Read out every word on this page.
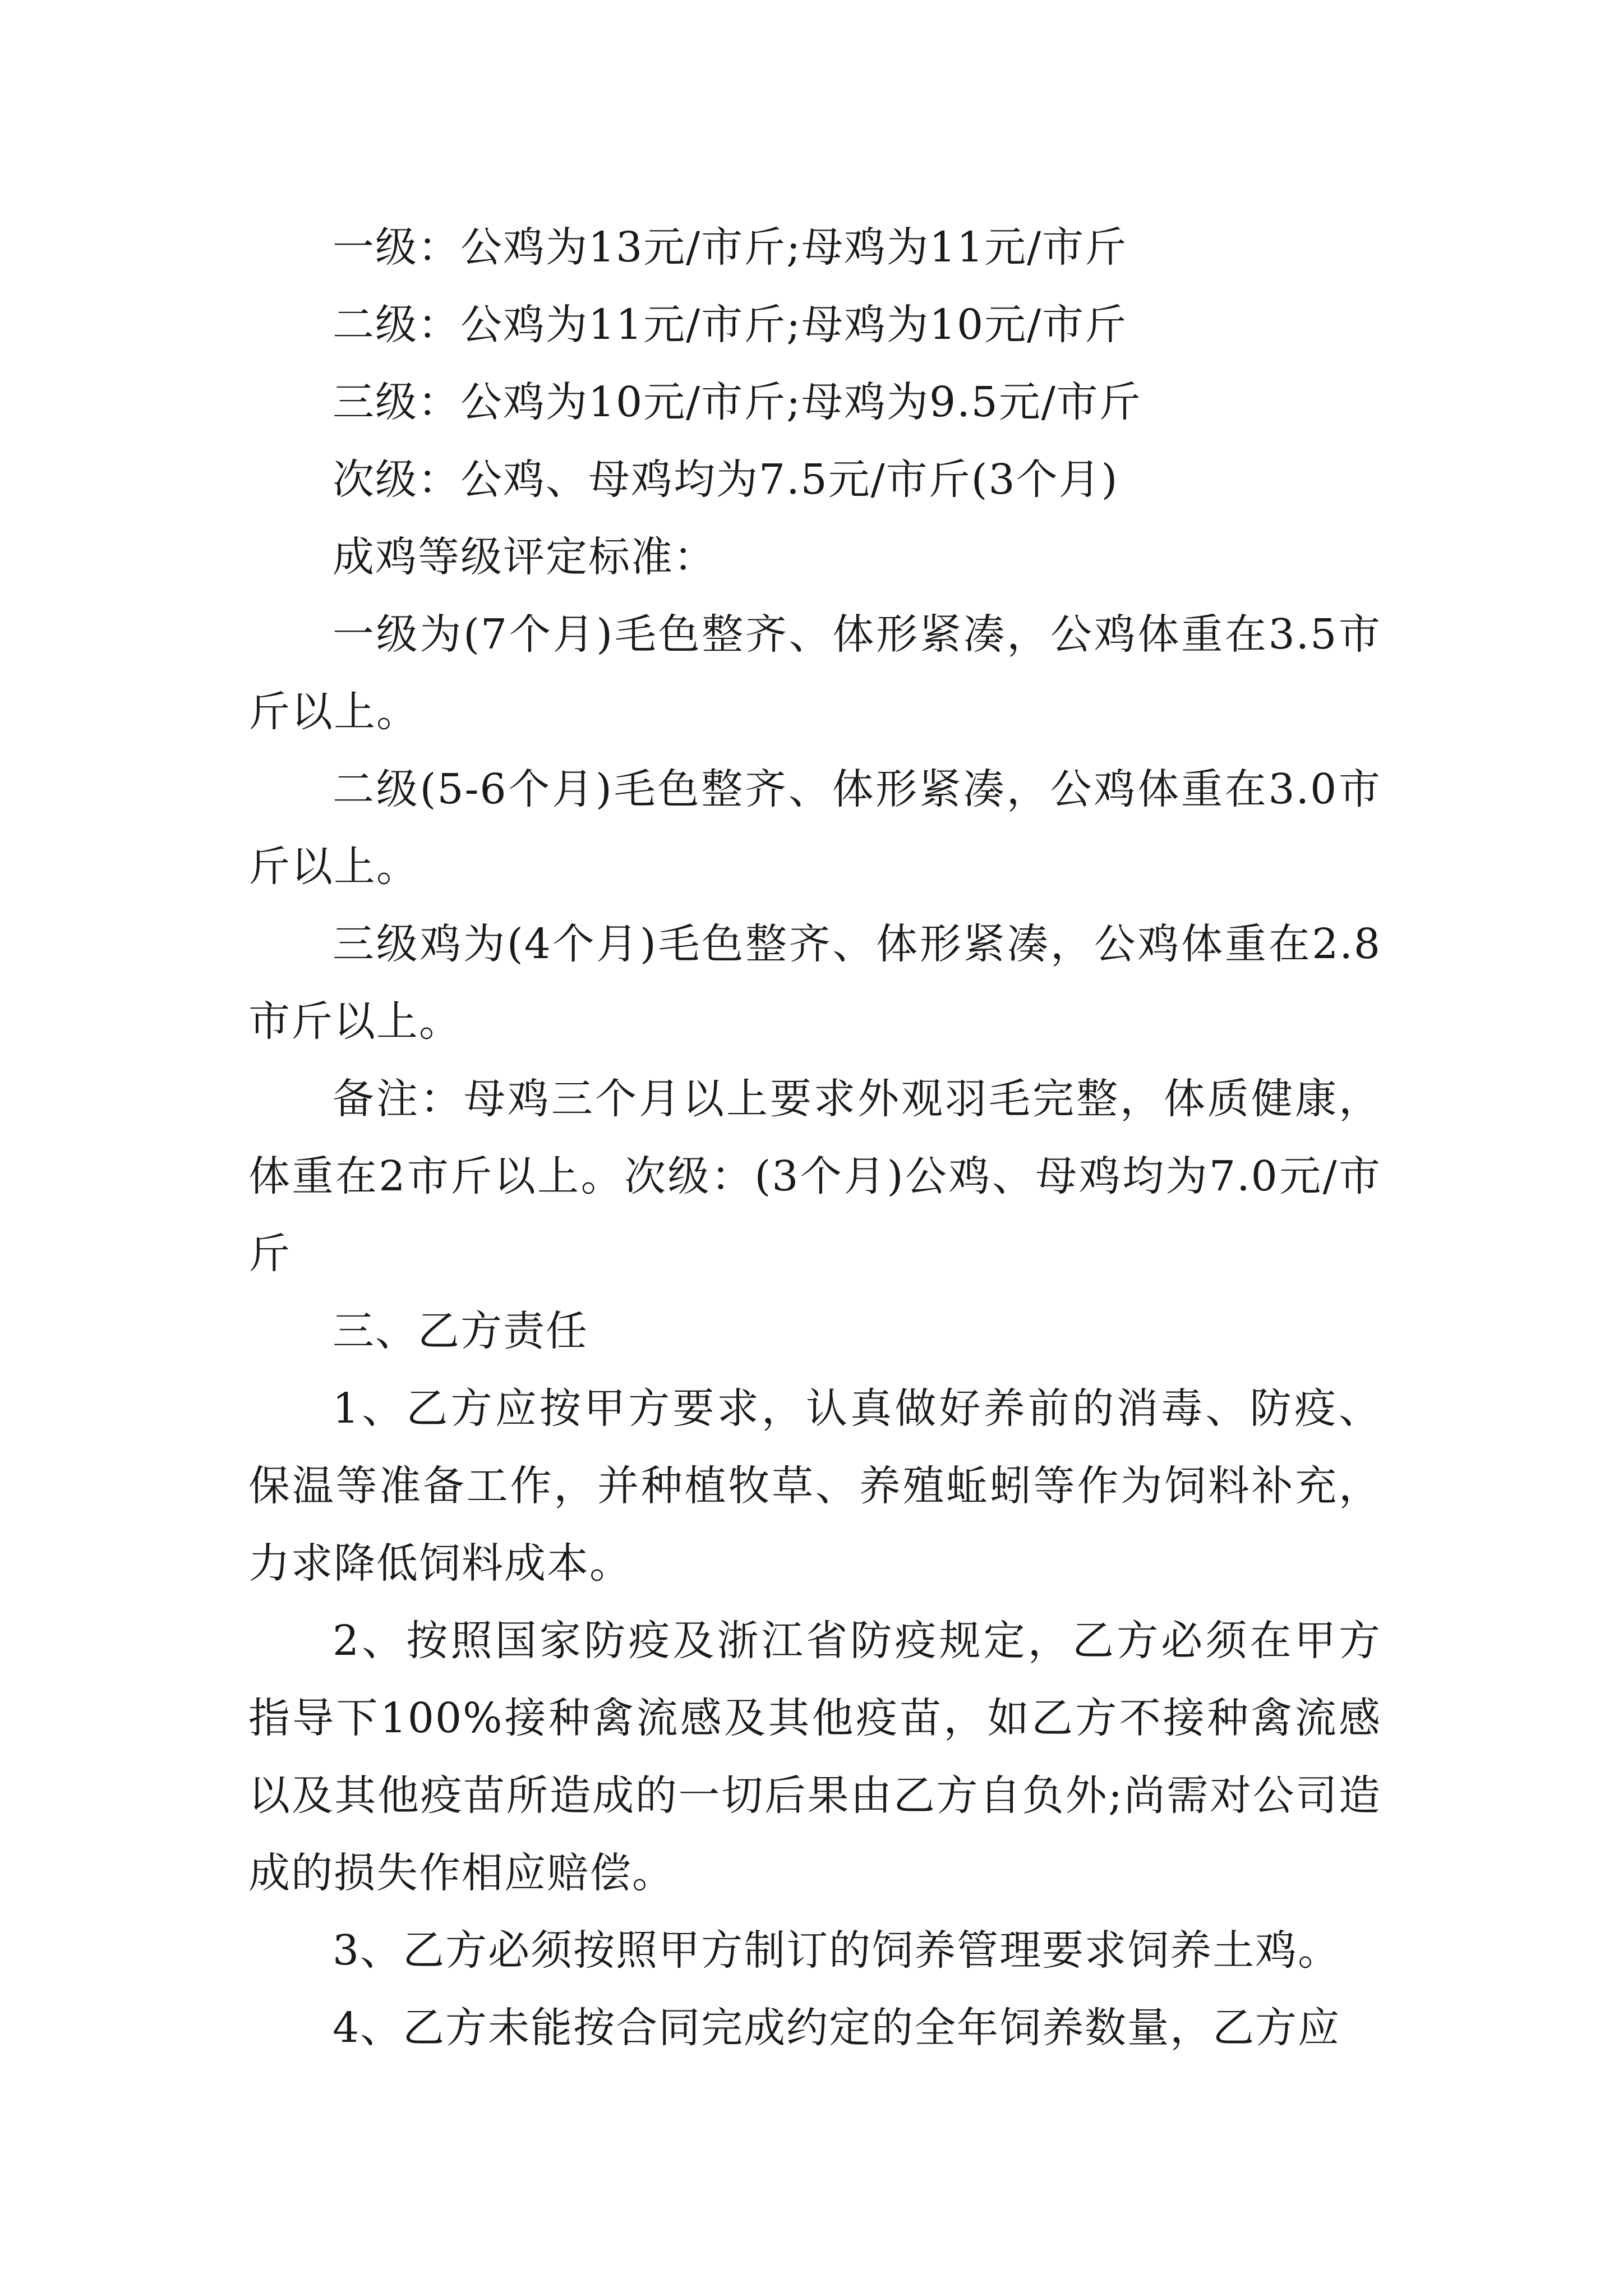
一级：公鸡为13元/市斤;母鸡为11元/市斤

二级：公鸡为11元/市斤;母鸡为10元/市斤

三级：公鸡为10元/市斤;母鸡为9.5元/市斤

次级：公鸡、母鸡均为7.5元/市斤(3个月)

成鸡等级评定标准：

一级为(7个月)毛色整齐、体形紧凑，公鸡体重在3.5市斤以上。

二级(5-6个月)毛色整齐、体形紧凑，公鸡体重在3.0市斤以上。

三级鸡为(4个月)毛色整齐、体形紧凑，公鸡体重在2.8市斤以上。

备注：母鸡三个月以上要求外观羽毛完整，体质健康，体重在2市斤以上。次级：(3个月)公鸡、母鸡均为7.0元/市斤

三、乙方责任

1、乙方应按甲方要求，认真做好养前的消毒、防疫、保温等准备工作，并种植牧草、养殖蚯蚓等作为饲料补充，力求降低饲料成本。

2、按照国家防疫及浙江省防疫规定，乙方必须在甲方指导下100%接种禽流感及其他疫苗，如乙方不接种禽流感以及其他疫苗所造成的一切后果由乙方自负外;尚需对公司造成的损失作相应赔偿。

3、乙方必须按照甲方制订的饲养管理要求饲养土鸡。

4、乙方未能按合同完成约定的全年饲养数量，乙方应
